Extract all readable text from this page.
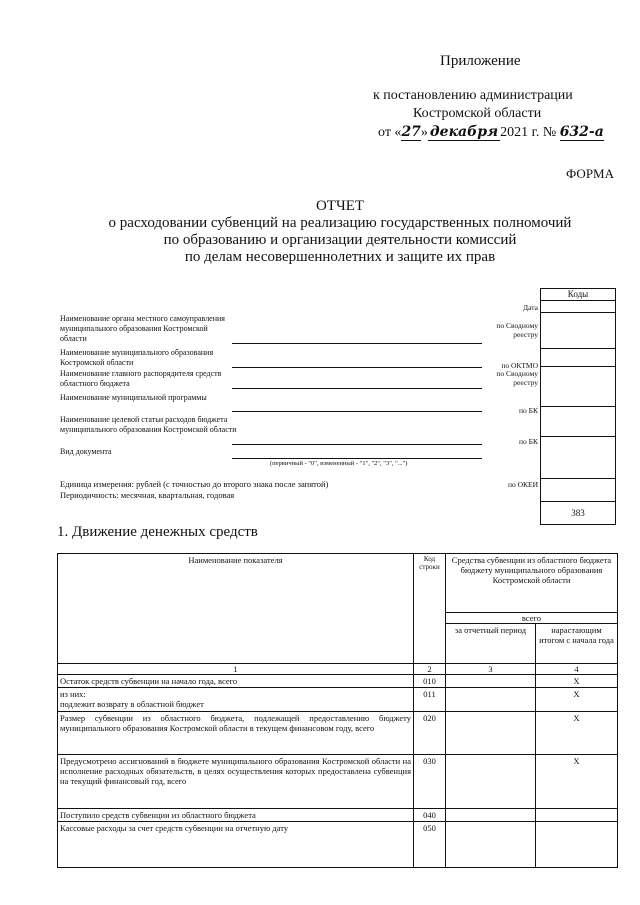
Приложение
к постановлению администрации
Костромской области
от «27» декабря 2021 г. № 632-а
ФОРМА
ОТЧЕТ
о расходовании субвенций на реализацию государственных полномочий
по образованию и организации деятельности комиссий
по делам несовершеннолетних и защите их прав
Коды
383
Дата
по Сводному реестру
по ОКТМО
по Сводному реестру
по БК
по БК
по ОКЕИ
Наименование органа местного самоуправления муниципального образования Костромской области
Наименование муниципального образования Костромской области
Наименование главного распорядителя средств областного бюджета
Наименование муниципальной программы
Наименование целевой статьи расходов бюджета муниципального образования Костромской области
Вид документа
(первичный - "0", измененный - "1", "2", "3", "...")
Единица измерения: рублей (с точностью до второго знака после запятой)
Периодичность: месячная, квартальная, годовая
1. Движение денежных средств
Наименование показателя	Код строки	Средства субвенции из областного бюджета бюджету муниципального образования Костромской области	
		всего	
		за отчетный период	нарастающим итогом с начала года
1	2	3	4
Остаток средств субвенции на начало года, всего	010		X
из них:
подлежит возврату в областной бюджет	011		X
Размер субвенции из областного бюджета, подлежащей предоставлению бюджету муниципального образования Костромской области в текущем финансовом году, всего	020		X
Предусмотрено ассигнований в бюджете муниципального образования Костромской области на исполнение расходных обязательств, в целях осуществления которых предоставлена субвенция на текущий финансовый год, всего	030		X
Поступило средств субвенции из областного бюджета	040		
Кассовые расходы за счет средств субвенции на отчетную дату	050		
